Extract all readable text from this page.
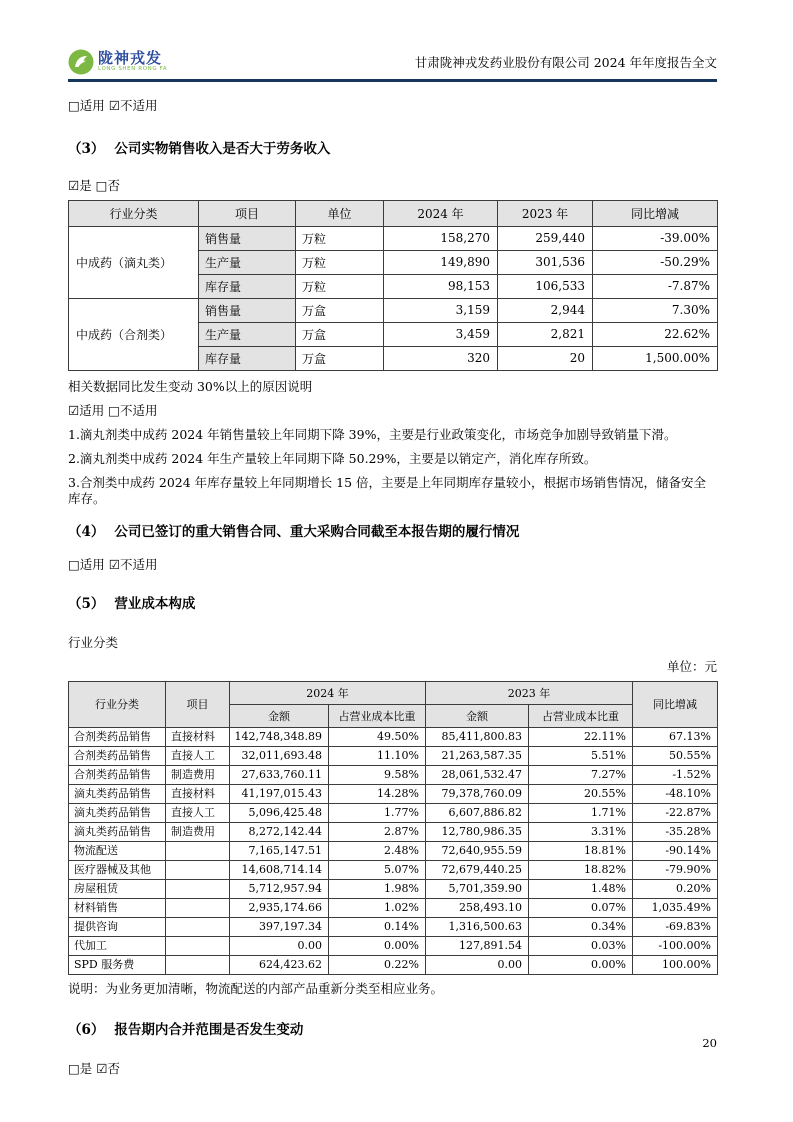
陇神戎发
LONG SHEN RONG FA	甘肃陇神戎发药业股份有限公司 2024 年年度报告全文

□适用 ☑不适用

（3） 公司实物销售收入是否大于劳务收入

☑是 □否

行业分类	项目	单位	2024 年	2023 年	同比增减
中成药（滴丸类）	销售量	万粒	158,270	259,440	-39.00%
	生产量	万粒	149,890	301,536	-50.29%
	库存量	万粒	98,153	106,533	-7.87%
中成药（合剂类）	销售量	万盒	3,159	2,944	7.30%
	生产量	万盒	3,459	2,821	22.62%
	库存量	万盒	320	20	1,500.00%

相关数据同比发生变动 30%以上的原因说明

☑适用 □不适用

1.滴丸剂类中成药 2024 年销售量较上年同期下降 39%，主要是行业政策变化，市场竞争加剧导致销量下滑。

2.滴丸剂类中成药 2024 年生产量较上年同期下降 50.29%，主要是以销定产，消化库存所致。

3.合剂类中成药 2024 年库存量较上年同期增长 15 倍，主要是上年同期库存量较小，根据市场销售情况，储备安全库存。

（4） 公司已签订的重大销售合同、重大采购合同截至本报告期的履行情况

□适用 ☑不适用

（5） 营业成本构成

行业分类

单位：元

行业分类	项目	2024 年		2023 年		同比增减
		金额	占营业成本比重	金额	占营业成本比重	
合剂类药品销售	直接材料	142,748,348.89	49.50%	85,411,800.83	22.11%	67.13%
合剂类药品销售	直接人工	32,011,693.48	11.10%	21,263,587.35	5.51%	50.55%
合剂类药品销售	制造费用	27,633,760.11	9.58%	28,061,532.47	7.27%	-1.52%
滴丸类药品销售	直接材料	41,197,015.43	14.28%	79,378,760.09	20.55%	-48.10%
滴丸类药品销售	直接人工	5,096,425.48	1.77%	6,607,886.82	1.71%	-22.87%
滴丸类药品销售	制造费用	8,272,142.44	2.87%	12,780,986.35	3.31%	-35.28%
物流配送		7,165,147.51	2.48%	72,640,955.59	18.81%	-90.14%
医疗器械及其他		14,608,714.14	5.07%	72,679,440.25	18.82%	-79.90%
房屋租赁		5,712,957.94	1.98%	5,701,359.90	1.48%	0.20%
材料销售		2,935,174.66	1.02%	258,493.10	0.07%	1,035.49%
提供咨询		397,197.34	0.14%	1,316,500.63	0.34%	-69.83%
代加工		0.00	0.00%	127,891.54	0.03%	-100.00%
SPD 服务费		624,423.62	0.22%	0.00	0.00%	100.00%

说明：为业务更加清晰，物流配送的内部产品重新分类至相应业务。

（6） 报告期内合并范围是否发生变动

□是 ☑否

20
